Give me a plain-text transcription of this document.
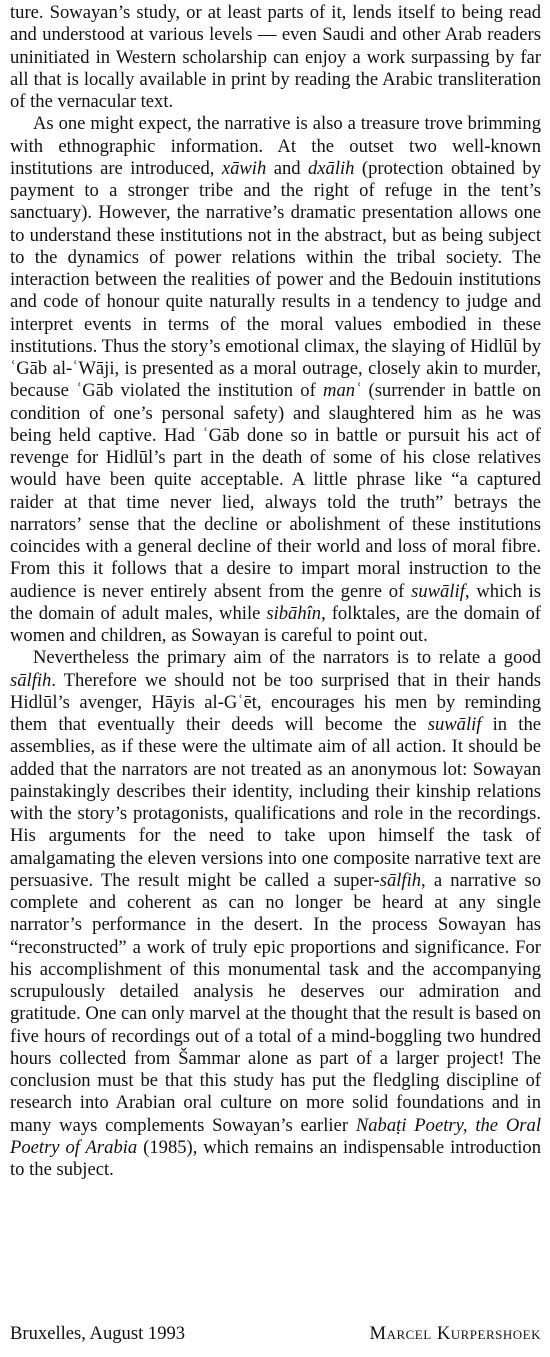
ture. Sowayan’s study, or at least parts of it, lends itself to being read and understood at various levels — even Saudi and other Arab readers uninitiated in Western scholarship can enjoy a work surpassing by far all that is locally available in print by reading the Arabic transliteration of the vernacular text.

As one might expect, the narrative is also a treasure trove brimming with ethnographic information. At the outset two well-known institutions are introduced, xāwih and dxālih (protection obtained by payment to a stronger tribe and the right of refuge in the tent’s sanctuary). However, the narrative’s dramatic presentation allows one to understand these institutions not in the abstract, but as being subject to the dynamics of power relations within the tribal society. The interaction between the realities of power and the Bedouin institutions and code of honour quite naturally results in a tendency to judge and interpret events in terms of the moral values embodied in these institutions. Thus the story’s emotional climax, the slaying of Hidlūl by ʿGāb al-ʿWāji, is presented as a moral outrage, closely akin to murder, because ʿGāb violated the institution of manʿ (surrender in battle on condition of one’s personal safety) and slaughtered him as he was being held captive. Had ʿGāb done so in battle or pursuit his act of revenge for Hidlūl’s part in the death of some of his close relatives would have been quite acceptable. A little phrase like “a captured raider at that time never lied, always told the truth” betrays the narrators’ sense that the decline or abolishment of these institutions coincides with a general decline of their world and loss of moral fibre. From this it follows that a desire to impart moral instruction to the audience is never entirely absent from the genre of suwālif, which is the domain of adult males, while sibāhîn, folktales, are the domain of women and children, as Sowayan is careful to point out.

Nevertheless the primary aim of the narrators is to relate a good sālfih. Therefore we should not be too surprised that in their hands Hidlūl’s avenger, Hāyis al-Gʿēt, encourages his men by reminding them that eventually their deeds will become the suwālif in the assemblies, as if these were the ultimate aim of all action. It should be added that the narrators are not treated as an anonymous lot: Sowayan painstakingly describes their identity, including their kinship relations with the story’s protagonists, qualifications and role in the recordings. His arguments for the need to take upon himself the task of amalgamating the eleven versions into one composite narrative text are persuasive. The result might be called a super-sālfih, a narrative so complete and coherent as can no longer be heard at any single narrator’s performance in the desert. In the process Sowayan has “reconstructed” a work of truly epic proportions and significance. For his accomplishment of this monumental task and the accompanying scrupulously detailed analysis he deserves our admiration and gratitude. One can only marvel at the thought that the result is based on five hours of recordings out of a total of a mind-boggling two hundred hours collected from Šammar alone as part of a larger project! The conclusion must be that this study has put the fledgling discipline of research into Arabian oral culture on more solid foundations and in many ways complements Sowayan’s earlier Nabaṭi Poetry, the Oral Poetry of Arabia (1985), which remains an indispensable introduction to the subject.

Bruxelles, August 1993	Marcel Kurpershoek
